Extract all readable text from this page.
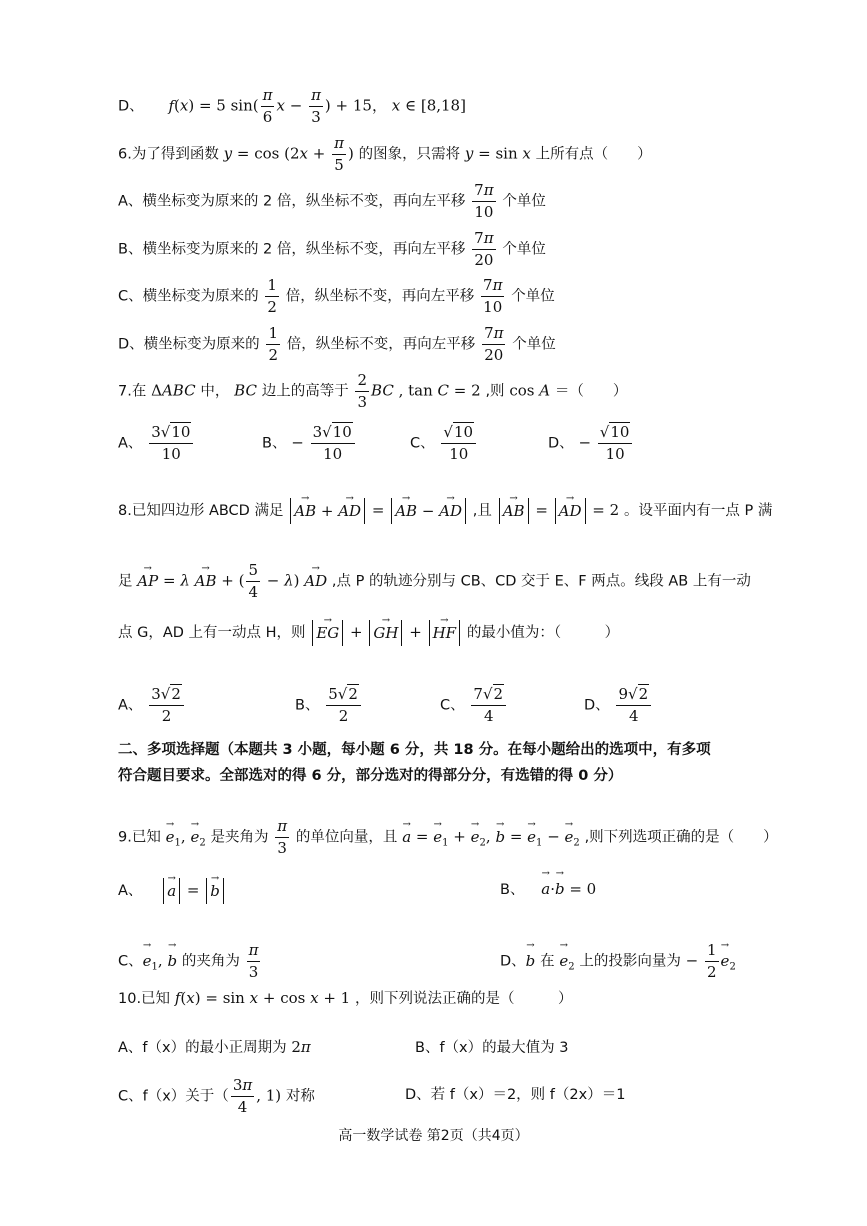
D、 f(x) = 5 $\sin( \frac{\pi}{6}$ $x - \frac{\pi}{3}$ ) + 15， x ∈ [8,18]
6.为了得到函数 $y = \cos (2x + \frac{\pi}{5}$ ) 的图象，只需将 y = sin x 上所有点（　　）
A、横坐标变为原来的 2 倍，纵坐标不变，再向左平移 $\frac{7\pi}{10}$ 个单位
B、横坐标变为原来的 2 倍，纵坐标不变，再向左平移 $\frac{7\pi}{20}$ 个单位
C、横坐标变为原来的 $\frac{1}{2}$ 倍，纵坐标不变，再向左平移 $\frac{7\pi}{10}$ 个单位
D、横坐标变为原来的 $\frac{1}{2}$ 倍，纵坐标不变，再向左平移 $\frac{7\pi}{20}$ 个单位
7.在 ΔABC 中， BC 边上的高等于 $\frac{2}{3}$ BC , tan C = 2 ,则 cos A ＝（　　）
A、 $\frac{3√10}{10}$	B、 − $\frac{3√10}{10}$	C、 $\frac{√10}{10}$	D、 − $\frac{√10}{10}$
8.已知四边形 ABCD 满足 → AB + → AD = → AB − → AD ,且 → AB = → AD = 2 。设平面内有一点 P 满
足 → AP = λ → AB + ( $\frac{5}{4} - \lambda$) → AD ,点 P 的轨迹分别与 CB、CD 交于 E、F 两点。线段 AB 上有一动
点 G，AD 上有一动点 H，则 → EG + → GH + → HF 的最小值为：（　　　）
A、 $\frac{3√2}{2}$	B、 $\frac{5√2}{2}$	C、 $\frac{7√2}{4}$	D、 $\frac{9√2}{4}$
二、多项选择题（本题共 3 小题，每小题 6 分，共 18 分。在每小题给出的选项中，有多项
符合题目要求。全部选对的得 6 分，部分选对的得部分分，有选错的得 0 分）
9.已知 → $e_1$, → $e_2$ 是夹角为 $\frac{\pi}{3}$ 的单位向量，且 → a = → $e_1$ + → $e_2$, → b = → $e_1$ − → $e_2$ ,则下列选项正确的是（　　）
A、 → a = → b	B、 → a·→ b = 0
C、→ $e_1$, → b 的夹角为 $\frac{\pi}{3}$	D、→ b 在 → $e_2$ 上的投影向量为 − $\frac{1}{2}$
→ $e_2$
10.已知 f(x) = sin x + cos x + 1 ，则下列说法正确的是（　　　）
A、f（x）的最小正周期为 2π	B、f（x）的最大值为 3
C、f（x）关于（ $\frac{3\pi}{4}$ , 1) 对称	D、若 f（x）＝2，则 f（2x）＝1
高一数学试卷 第2页（共4页）
